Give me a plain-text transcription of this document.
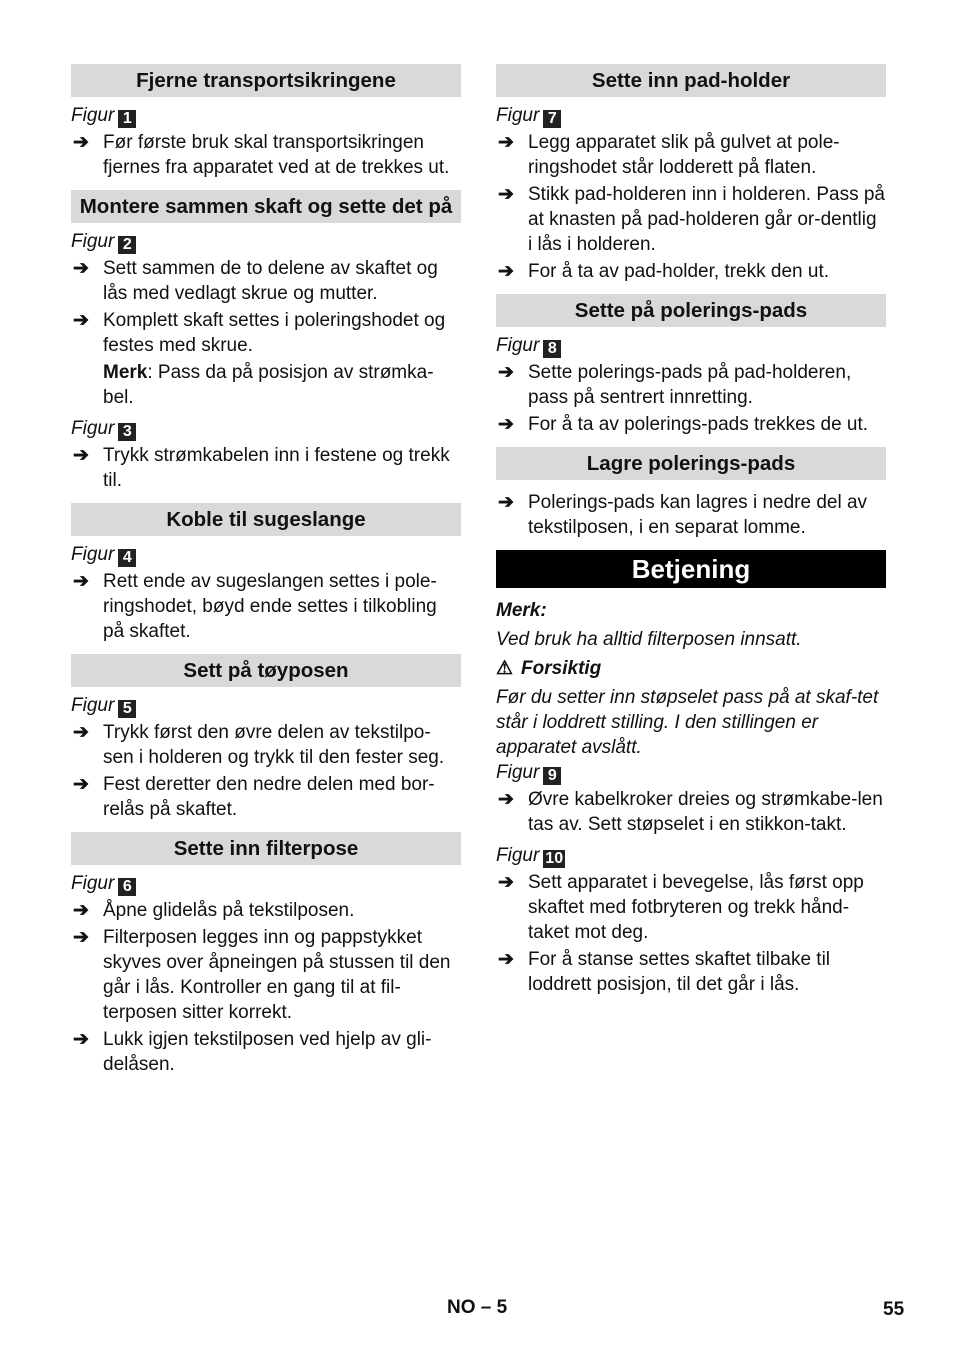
Fjerne transportsikringene
Figur 1
➔ Før første bruk skal transportsikringen fjernes fra apparatet ved at de trekkes ut.
Montere sammen skaft og sette det på
Figur 2
➔ Sett sammen de to delene av skaftet og lås med vedlagt skrue og mutter.
➔ Komplett skaft settes i poleringshodet og festes med skrue.
Merk: Pass da på posisjon av strømka-bel.
Figur 3
➔ Trykk strømkabelen inn i festene og trekk til.
Koble til sugeslange
Figur 4
➔ Rett ende av sugeslangen settes i pole-ringshodet, bøyd ende settes i tilkobling på skaftet.
Sett på tøyposen
Figur 5
➔ Trykk først den øvre delen av tekstilpo-sen i holderen og trykk til den fester seg.
➔ Fest deretter den nedre delen med bor-relås på skaftet.
Sette inn filterpose
Figur 6
➔ Åpne glidelås på tekstilposen.
➔ Filterposen legges inn og pappstykket skyves over åpneingen på stussen til den går i lås. Kontroller en gang til at fil-terposen sitter korrekt.
➔ Lukk igjen tekstilposen ved hjelp av gli-delåsen.
Sette inn pad-holder
Figur 7
➔ Legg apparatet slik på gulvet at pole-ringshodet står lodderett på flaten.
➔ Stikk pad-holderen inn i holderen. Pass på at knasten på pad-holderen går or-dentlig i lås i holderen.
➔ For å ta av pad-holder, trekk den ut.
Sette på polerings-pads
Figur 8
➔ Sette polerings-pads på pad-holderen, pass på sentrert innretting.
➔ For å ta av polerings-pads trekkes de ut.
Lagre polerings-pads
➔ Polerings-pads kan lagres i nedre del av tekstilposen, i en separat lomme.
Betjening
Merk:
Ved bruk ha alltid filterposen innsatt.
⚠ Forsiktig
Før du setter inn støpselet pass på at skaf-tet står i loddrett stilling. I den stillingen er apparatet avslått.
Figur 9
➔ Øvre kabelkroker dreies og strømkabe-len tas av. Sett støpselet i en stikkon-takt.
Figur 10
➔ Sett apparatet i bevegelse, lås først opp skaftet med fotbryteren og trekk hånd-taket mot deg.
➔ For å stanse settes skaftet tilbake til loddrett posisjon, til det går i lås.
NO – 5	55
